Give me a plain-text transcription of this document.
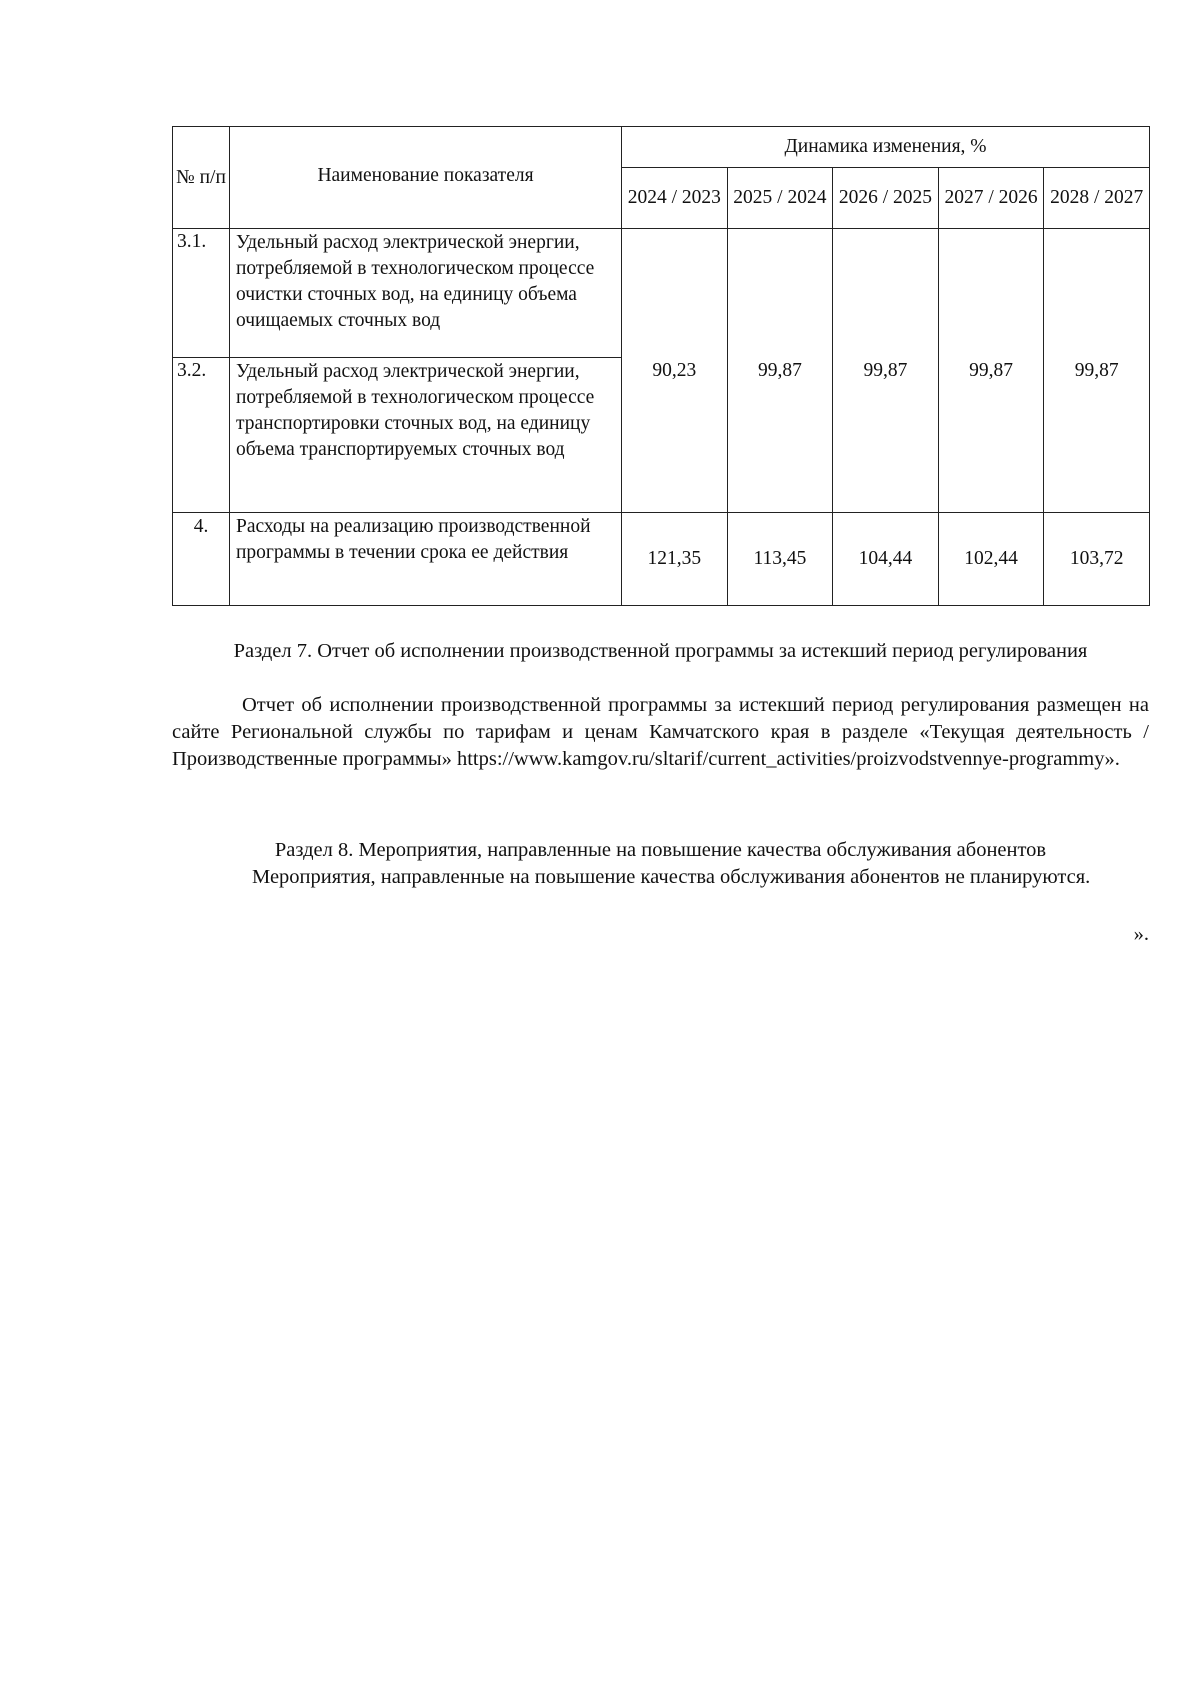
№ п/п	Наименование показателя	Динамика изменения, %				
		2024 / 2023	2025 / 2024	2026 / 2025	2027 / 2026	2028 / 2027
3.1.	Удельный расход электрической энергии, потребляемой в технологическом процессе очистки сточных вод, на единицу объема очищаемых сточных вод	90,23	99,87	99,87	99,87	99,87
3.2.	Удельный расход электрической энергии, потребляемой в технологическом процессе транспортировки сточных вод, на единицу объема транспортируемых сточных вод					
4.	Расходы на реализацию производственной программы в течении срока ее действия	121,35	113,45	104,44	102,44	103,72
Раздел 7. Отчет об исполнении производственной программы за истекший период регулирования
Отчет об исполнении производственной программы за истекший период регулирования размещен на сайте Региональной службы по тарифам и ценам Камчатского края в разделе «Текущая деятельность / Производственные программы» https://www.kamgov.ru/sltarif/current_activities/proizvodstvennye-programmy».
Раздел 8. Мероприятия, направленные на повышение качества обслуживания абонентов
Мероприятия, направленные на повышение качества обслуживания абонентов не планируются.
».
